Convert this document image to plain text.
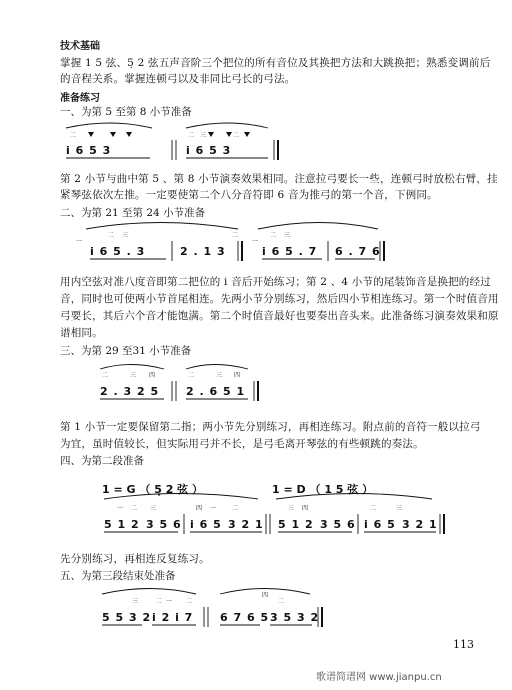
技术基础
掌握 1 5 弦、5̣ 2 弦五声音阶三个把位的所有音位及其换把方法和大跳换把；熟悉变调前后
的音程关系。掌握连顿弓以及非同比弓长的弓法。
准备练习
一、为第 5 至第 8 小节准备
i 6 5 3	i 6 5 3
二	二 三	二
第 2 小节与曲中第 5 、第 8 小节演奏效果相同。注意拉弓要长一些，连顿弓时放松右臂，挂
紧琴弦依次左推。一定要使第二个八分音符即 6 音为推弓的第一个音，下例同。
二、为第 21 至第 24 小节准备
i 6 5 . 3	2 . 1 3	i 6 5 . 7 6 . 7 6
一
二 三	二
一
二 三
用内空弦对准八度音即第二把位的 i 音后开始练习；第 2 、4 小节的尾装饰音是换把的经过
音，同时也可使两小节首尾相连。先两小节分别练习，然后四小节相连练习。第一个时值音用
弓要长，其后六个音才能饱满。第二个时值音最好也要奏出音头来。此准备练习演奏效果和原
谱相同。
三、为第 29 至31 小节准备
2 . 3 2 5 2 . 6 5 1
二	三 四	二	三 四
第 1 小节一定要保留第二指；两小节先分别练习，再相连练习。附点前的音符一般以拉弓
为宜，虽时值较长，但实际用弓并不长，是弓毛离开琴弦的有些顿跳的奏法。
四、为第二段准备
1 = G （ 5̣ 2 弦 ）	1 = D （ 1 5 弦 ）
5 1 2 3 5 6 i 6 5 3 2 1 5 1 2 3 5 6 i 6 5 3 2 1
一 二 三	四 一	二	三 四	二	三
先分别练习，再相连反复练习。
五、为第三段结束处准备
5 5 3 2 i 2 i 7 6 7 6 5 3 5 3 2
三	二 一 二
四
二
113
歌谱简谱网 www.jianpu.cn
